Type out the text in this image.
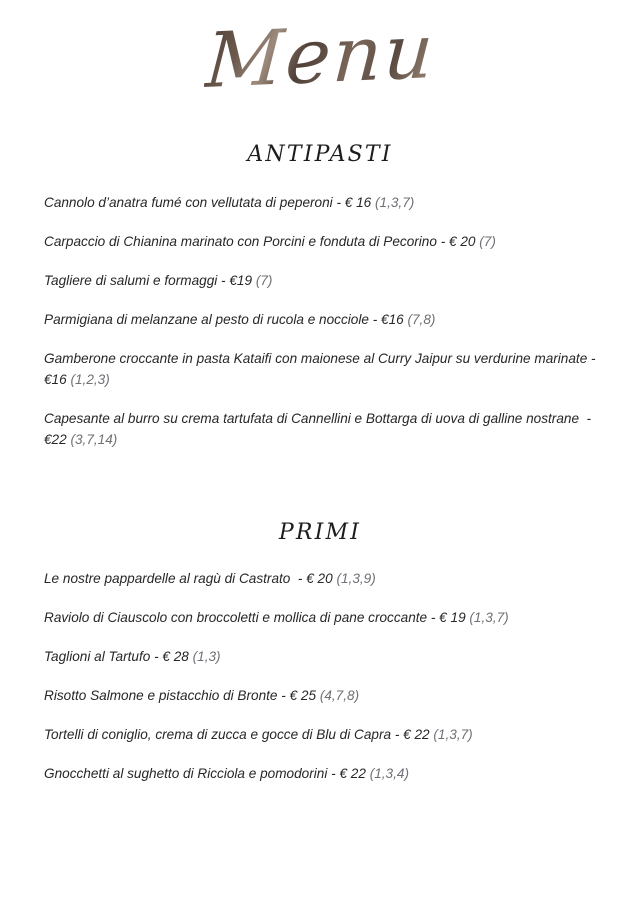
Menu
ANTIPASTI

Cannolo d’anatra fumé con vellutata di peperoni - € 16 (1,3,7)

Carpaccio di Chianina marinato con Porcini e fonduta di Pecorino - € 20 (7)

Tagliere di salumi e formaggi - €19 (7)

Parmigiana di melanzane al pesto di rucola e nocciole - €16 (7,8)

Gamberone croccante in pasta Kataifi con maionese al Curry Jaipur su verdurine marinate - €16 (1,2,3)

Capesante al burro su crema tartufata di Cannellini e Bottarga di uova di galline nostrane  - €22 (3,7,14)

PRIMI

Le nostre pappardelle al ragù di Castrato  - € 20 (1,3,9)

Raviolo di Ciauscolo con broccoletti e mollica di pane croccante - € 19 (1,3,7)

Taglioni al Tartufo - € 28 (1,3)

Risotto Salmone e pistacchio di Bronte - € 25 (4,7,8)

Tortelli di coniglio, crema di zucca e gocce di Blu di Capra - € 22 (1,3,7)

Gnocchetti al sughetto di Ricciola e pomodorini - € 22 (1,3,4)
